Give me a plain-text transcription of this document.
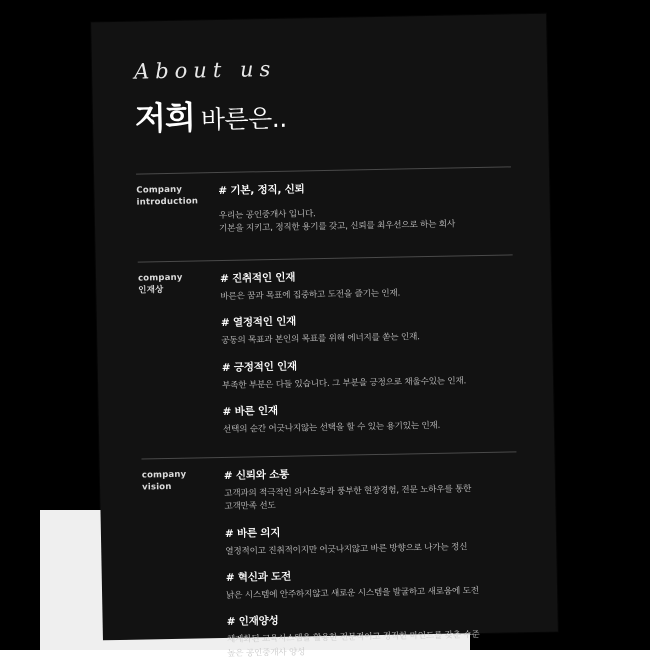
About us
저희 바른은..
Company
introduction
# 기본, 정직, 신뢰
우리는 공인중개사 입니다.
기본을 지키고, 정직한 용기를 갖고, 신뢰를 최우선으로 하는 회사
company
인재상
# 진취적인 인재
바른은 꿈과 목표에 집중하고 도전을 즐기는 인재.
# 열정적인 인재
공동의 목표과 본인의 목표를 위해 에너지를 쏟는 인재.
# 긍정적인 인재
부족한 부분은 다들 있습니다. 그 부분을 긍정으로 채울수있는 인재.
# 바른 인재
선택의 순간 어긋나지않는 선택을 할 수 있는 용기있는 인재.
company
vision
# 신뢰와 소통
고객과의 적극적인 의사소통과 풍부한 현장경험, 전문 노하우를 통한
고객만족 선도
# 바른 의지
열정적이고 진취적이지만 어긋나지않고 바른 방향으로 나가는 정신
# 혁신과 도전
낡은 시스템에 안주하지않고 새로운 시스템을 발굴하고 새로움에 도전
# 인재양성
체계화된 교육시스템을 활용한 전문적이고 정직한 마인드를 갖춘 수준
높은 공인중개사 양성
